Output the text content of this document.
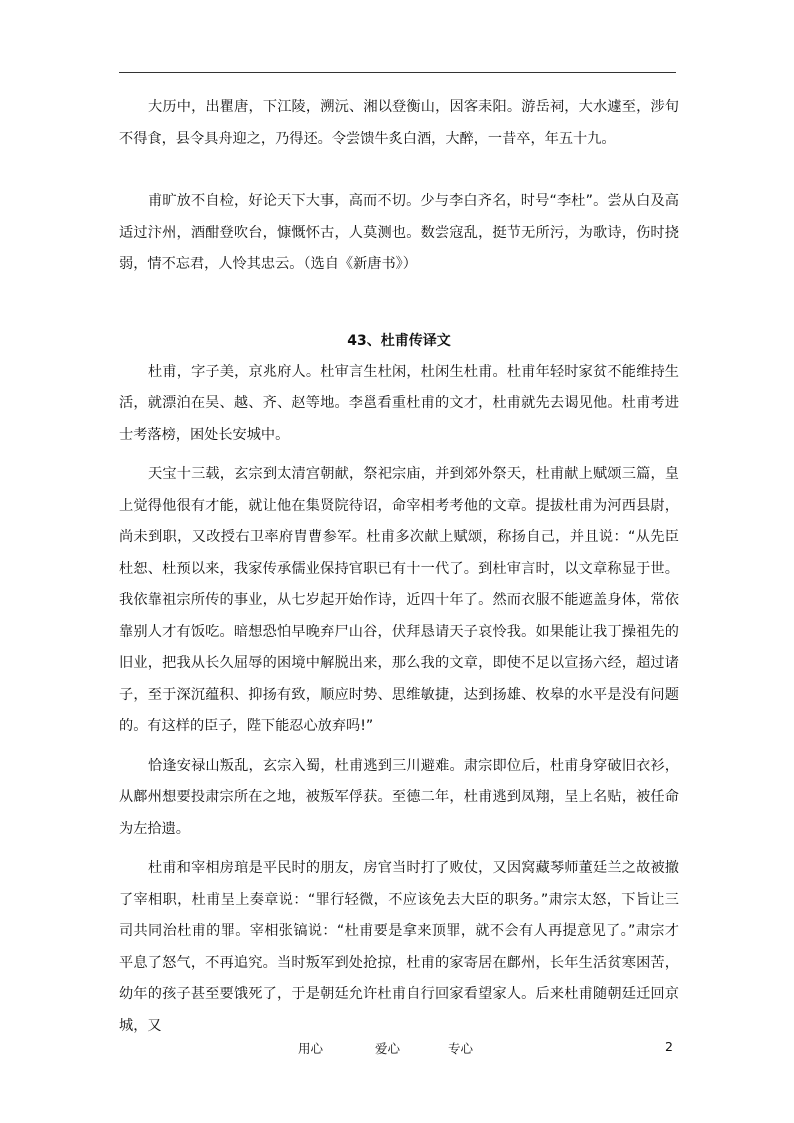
大历中，出瞿唐，下江陵，溯沅、湘以登衡山，因客耒阳。游岳祠，大水遽至，涉旬不得食，县令具舟迎之，乃得还。令尝馈牛炙白酒，大醉，一昔卒，年五十九。

甫旷放不自检，好论天下大事，高而不切。少与李白齐名，时号“李杜”。尝从白及高适过汴州，酒酣登吹台，慷慨怀古，人莫测也。数尝寇乱，挺节无所污，为歌诗，伤时挠弱，情不忘君，人怜其忠云。（选自《新唐书》）

43、杜甫传译文

杜甫，字子美，京兆府人。杜审言生杜闲，杜闲生杜甫。杜甫年轻时家贫不能维持生活，就漂泊在吴、越、齐、赵等地。李邕看重杜甫的文才，杜甫就先去谒见他。杜甫考进士考落榜，困处长安城中。

天宝十三载，玄宗到太清宫朝献，祭祀宗庙，并到郊外祭天，杜甫献上赋颂三篇，皇上觉得他很有才能，就让他在集贤院待诏，命宰相考考他的文章。提拔杜甫为河西县尉，尚未到职，又改授右卫率府胄曹参军。杜甫多次献上赋颂，称扬自己，并且说：“从先臣杜恕、杜预以来，我家传承儒业保持官职已有十一代了。到杜审言时，以文章称显于世。我依靠祖宗所传的事业，从七岁起开始作诗，近四十年了。然而衣服不能遮盖身体，常依靠别人才有饭吃。暗想恐怕早晚弃尸山谷，伏拜恳请天子哀怜我。如果能让我丁操祖先的旧业，把我从长久屈辱的困境中解脱出来，那么我的文章，即使不足以宣扬六经，超过诸子，至于深沉蕴积、抑扬有致，顺应时势、思维敏捷，达到扬雄、枚皋的水平是没有问题的。有这样的臣子，陛下能忍心放弃吗!”

恰逢安禄山叛乱，玄宗入蜀，杜甫逃到三川避难。肃宗即位后，杜甫身穿破旧衣衫，从鄜州想要投肃宗所在之地，被叛军俘获。至德二年，杜甫逃到凤翔，呈上名贴，被任命为左拾遗。

杜甫和宰相房琯是平民时的朋友，房官当时打了败仗，又因窝藏琴师董廷兰之故被撤了宰相职，杜甫呈上奏章说：“罪行轻微，不应该免去大臣的职务。”肃宗太怒，下旨让三司共同治杜甫的罪。宰相张镐说：“杜甫要是拿来顶罪，就不会有人再提意见了。”肃宗才平息了怒气，不再追究。当时叛军到处抢掠，杜甫的家寄居在鄜州，长年生活贫寒困苦，幼年的孩子甚至要饿死了，于是朝廷允许杜甫自行回家看望家人。后来杜甫随朝廷迁回京城，又

用心	爱心	专心	2
